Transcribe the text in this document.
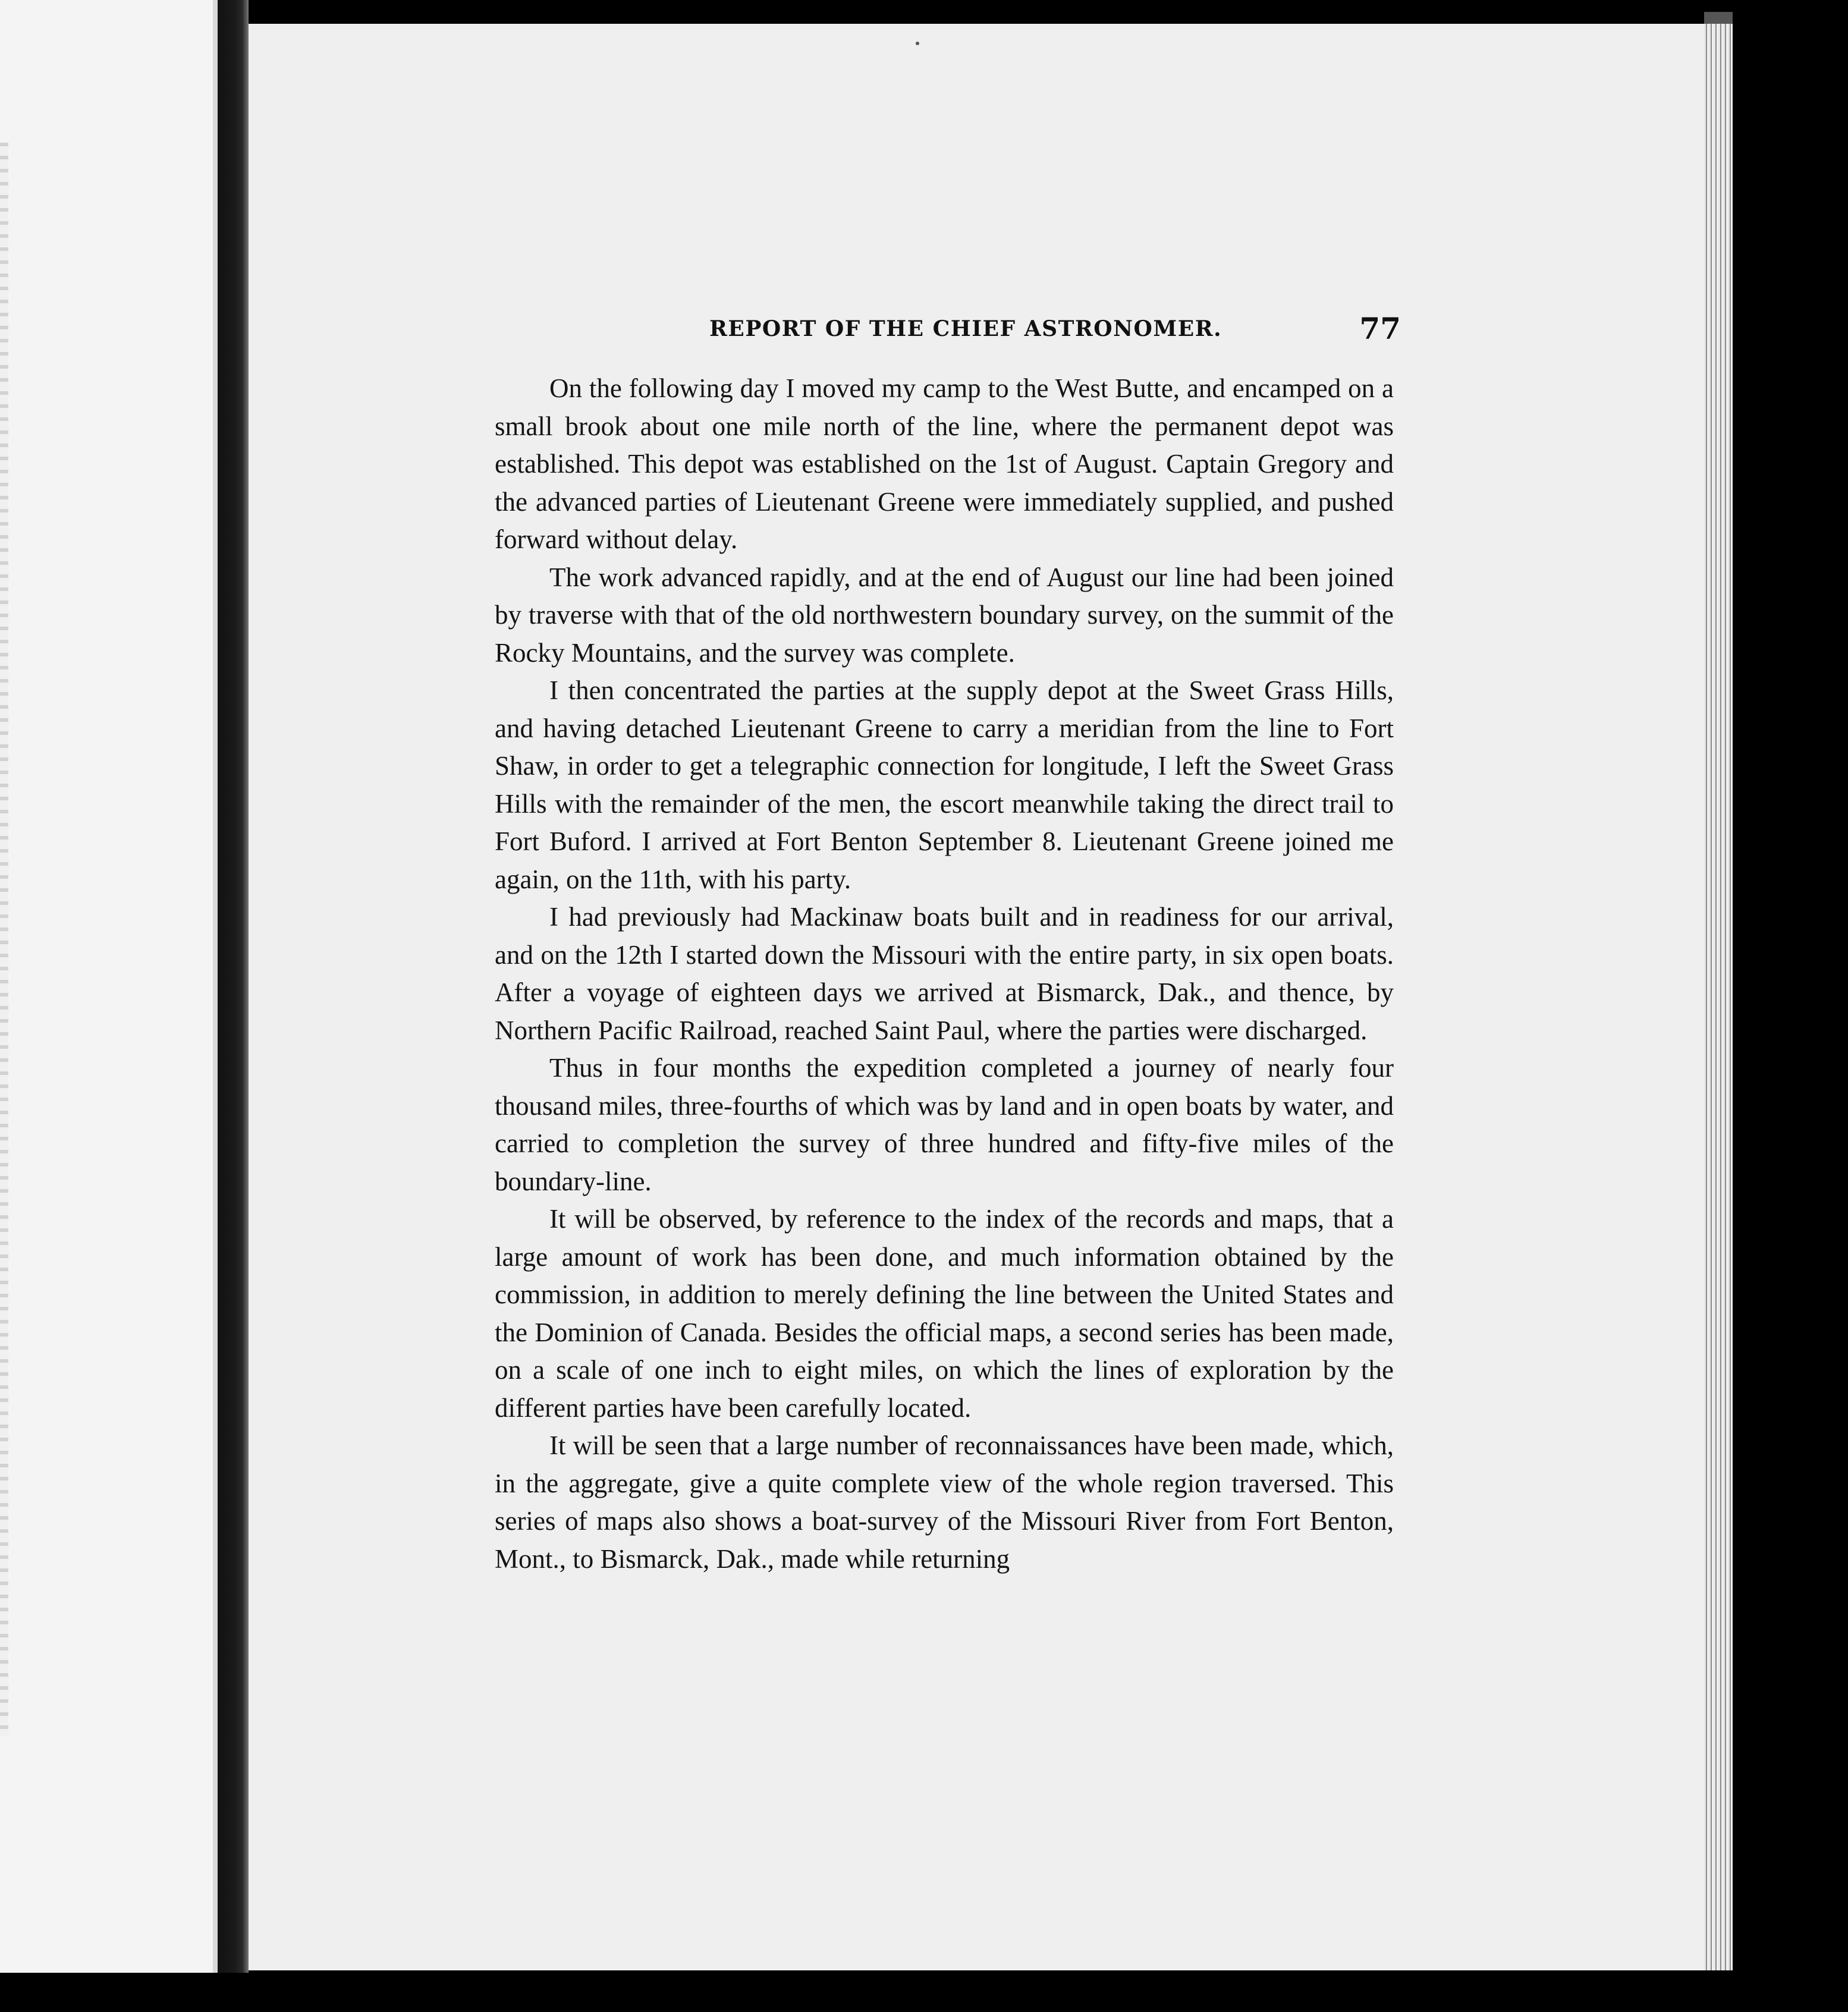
REPORT OF THE CHIEF ASTRONOMER.	77

On the following day I moved my camp to the West Butte, and encamped on a small brook about one mile north of the line, where the permanent depot was established. This depot was established on the 1st of August. Captain Gregory and the advanced parties of Lieutenant Greene were immediately supplied, and pushed forward without delay.

The work advanced rapidly, and at the end of August our line had been joined by traverse with that of the old northwestern boundary survey, on the summit of the Rocky Mountains, and the survey was complete.

I then concentrated the parties at the supply depot at the Sweet Grass Hills, and having detached Lieutenant Greene to carry a meridian from the line to Fort Shaw, in order to get a telegraphic connection for longitude, I left the Sweet Grass Hills with the remainder of the men, the escort meanwhile taking the direct trail to Fort Buford. I arrived at Fort Benton September 8. Lieutenant Greene joined me again, on the 11th, with his party.

I had previously had Mackinaw boats built and in readiness for our arrival, and on the 12th I started down the Missouri with the entire party, in six open boats. After a voyage of eighteen days we arrived at Bismarck, Dak., and thence, by Northern Pacific Railroad, reached Saint Paul, where the parties were discharged.

Thus in four months the expedition completed a journey of nearly four thousand miles, three-fourths of which was by land and in open boats by water, and carried to completion the survey of three hundred and fifty-five miles of the boundary-line.

It will be observed, by reference to the index of the records and maps, that a large amount of work has been done, and much information obtained by the commission, in addition to merely defining the line between the United States and the Dominion of Canada. Besides the official maps, a second series has been made, on a scale of one inch to eight miles, on which the lines of exploration by the different parties have been carefully located.

It will be seen that a large number of reconnaissances have been made, which, in the aggregate, give a quite complete view of the whole region traversed. This series of maps also shows a boat-survey of the Missouri River from Fort Benton, Mont., to Bismarck, Dak., made while returning
